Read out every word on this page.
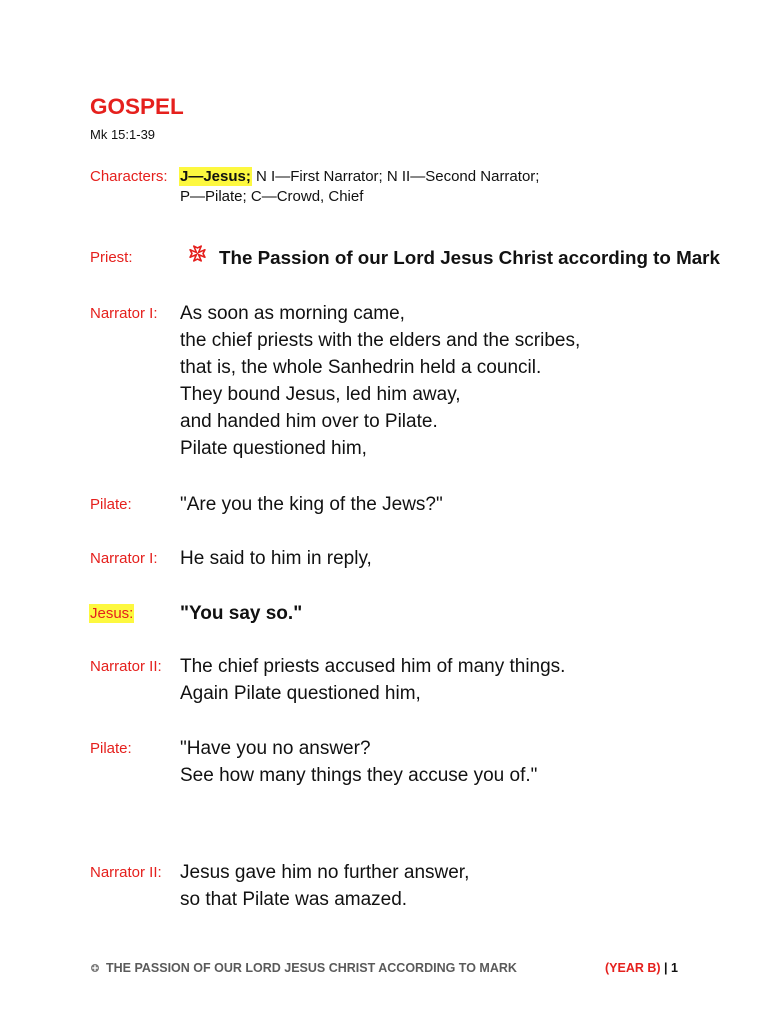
GOSPEL
Mk 15:1-39
Characters: J—Jesus; N I—First Narrator; N II—Second Narrator;
P—Pilate; C—Crowd, Chief
Priest:	The Passion of our Lord Jesus Christ according to Mark
Narrator I: As soon as morning came,
the chief priests with the elders and the scribes,
that is, the whole Sanhedrin held a council.
They bound Jesus, led him away,
and handed him over to Pilate.
Pilate questioned him,
Pilate:	"Are you the king of the Jews?"
Narrator I: He said to him in reply,
Jesus: "You say so."
Narrator II: The chief priests accused him of many things.
Again Pilate questioned him,
Pilate:	"Have you no answer?
See how many things they accuse you of."
Narrator II: Jesus gave him no further answer,
so that Pilate was amazed.
THE PASSION OF OUR LORD JESUS CHRIST ACCORDING TO MARK	(YEAR B) | 1
